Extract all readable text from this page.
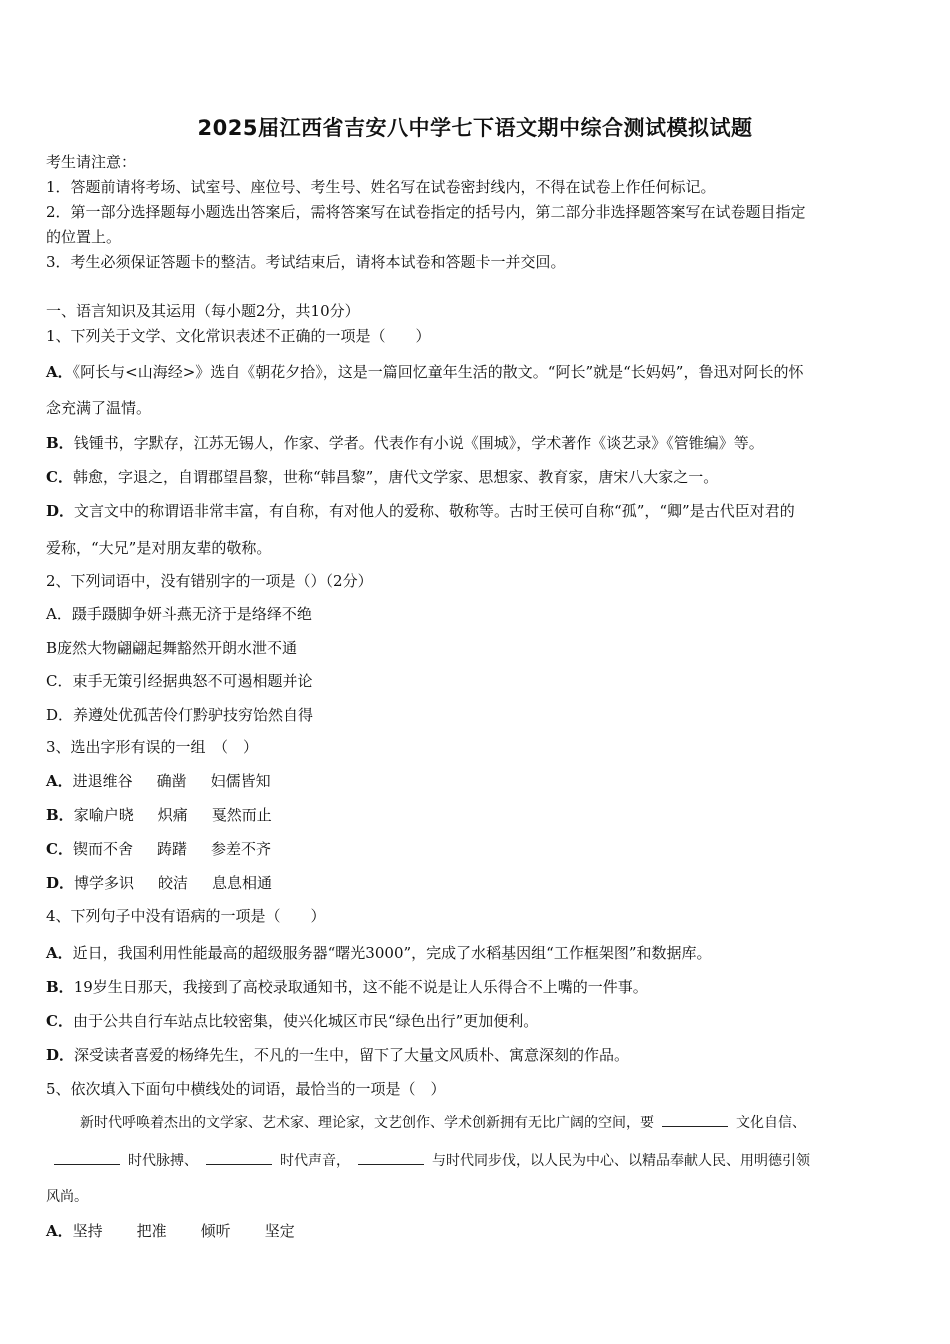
2025届江西省吉安八中学七下语文期中综合测试模拟试题
考生请注意：
1．答题前请将考场、试室号、座位号、考生号、姓名写在试卷密封线内，不得在试卷上作任何标记。
2．第一部分选择题每小题选出答案后，需将答案写在试卷指定的括号内，第二部分非选择题答案写在试卷题目指定
的位置上。
3．考生必须保证答题卡的整洁。考试结束后，请将本试卷和答题卡一并交回。
一、语言知识及其运用（每小题2分，共10分）
1、下列关于文学、文化常识表述不正确的一项是（　　）
A．《阿长与<山海经>》选自《朝花夕拾》，这是一篇回忆童年生活的散文。“阿长”就是“长妈妈”，鲁迅对阿长的怀
念充满了温情。
B．钱锺书，字默存，江苏无锡人，作家、学者。代表作有小说《围城》，学术著作《谈艺录》《管锥编》等。
C．韩愈，字退之，自谓郡望昌黎，世称“韩昌黎”，唐代文学家、思想家、教育家，唐宋八大家之一。
D．文言文中的称谓语非常丰富，有自称，有对他人的爱称、敬称等。古时王侯可自称“孤”，“卿”是古代臣对君的
爱称，“大兄”是对朋友辈的敬称。
2、下列词语中，没有错别字的一项是（）（2分）
A．蹑手蹑脚争妍斗燕无济于是络绎不绝
B庞然大物翩翩起舞豁然开朗水泄不通
C．束手无策引经据典怒不可遏相题并论
D．养遵处优孤苦伶仃黔驴技穷饴然自得
3、选出字形有误的一组　（　）
A．进退维谷 确凿 妇儒皆知
B．家喻户晓 炽痛 戛然而止
C．锲而不舍 踌躇 参差不齐
D．博学多识 皎洁 息息相通
4、下列句子中没有语病的一项是（　　）
A．近日，我国利用性能最高的超级服务器“曙光3000”，完成了水稻基因组“工作框架图”和数据库。
B．19岁生日那天，我接到了高校录取通知书，这不能不说是让人乐得合不上嘴的一件事。
C．由于公共自行车站点比较密集，使兴化城区市民“绿色出行”更加便利。
D．深受读者喜爱的杨绛先生，不凡的一生中，留下了大量文风质朴、寓意深刻的作品。
5、依次填入下面句中横线处的词语，最恰当的一项是（　）
新时代呼唤着杰出的文学家、艺术家、理论家，文艺创作、学术创新拥有无比广阔的空间，要	文化自信、
时代脉搏、	时代声音，	与时代同步伐，以人民为中心、以精品奉献人民、用明德引领
风尚。
A．坚持 把准 倾听 坚定
